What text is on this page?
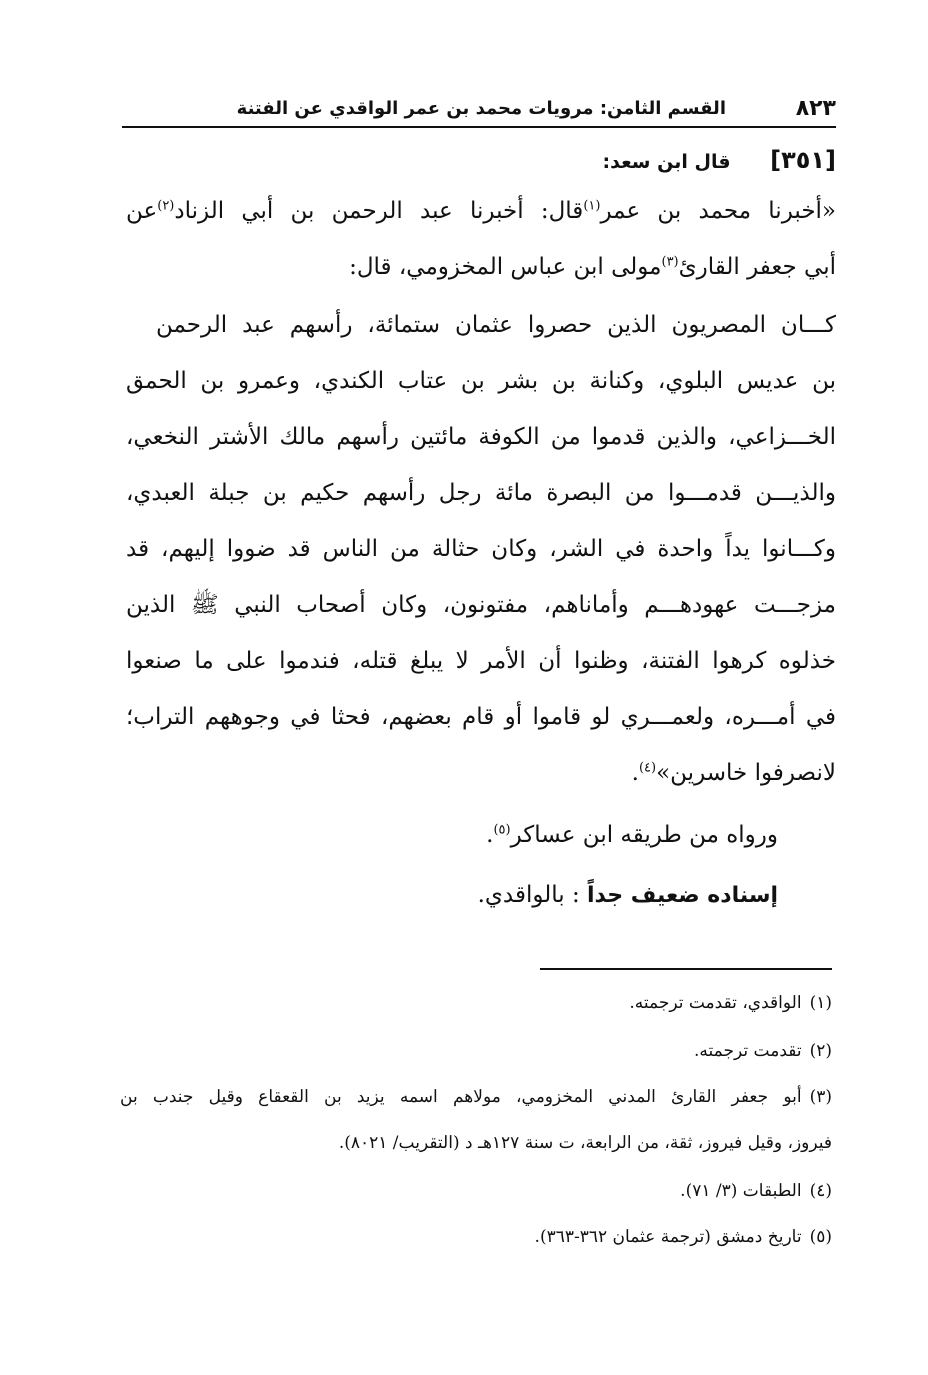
٨٢٣
القسم الثامن: مرويات محمد بن عمر الواقدي عن الفتنة
[٣٥١] قال ابن سعد:
«أخبرنا محمد بن عمر$^{(١)}$قال: أخبرنا عبد الرحمن بن أبي الزناد$^{(٢)}$عن
أبي جعفر القارئ$^{(٣)}$مولى ابن عباس المخزومي، قال:
كـــان المصريون الذين حصروا عثمان ستمائة، رأسهم عبد الرحمن
بن عديس البلوي، وكنانة بن بشر بن عتاب الكندي، وعمرو بن الحمق
الخـــزاعي، والذين قدموا من الكوفة مائتين رأسهم مالك الأشتر النخعي،
والذيـــن قدمـــوا من البصرة مائة رجل رأسهم حكيم بن جبلة العبدي،
وكـــانوا يداً واحدة في الشر، وكان حثالة من الناس قد ضووا إليهم، قد
مزجـــت عهودهـــم وأماناهم، مفتونون، وكان أصحاب النبي ﷺ الذين
خذلوه كرهوا الفتنة، وظنوا أن الأمر لا يبلغ قتله، فندموا على ما صنعوا
في أمـــره، ولعمـــري لو قاموا أو قام بعضهم، فحثا في وجوههم التراب؛
لانصرفوا خاسرين»$^{(٤)}$.
ورواه من طريقه ابن عساكر$^{(٥)}$.
إسناده ضعيف جداً : بالواقدي.
(١)الواقدي، تقدمت ترجمته.
(٢)تقدمت ترجمته.
(٣)أبو جعفر القارئ المدني المخزومي، مولاهم اسمه يزيد بن القعقاع وقيل جندب بن
فيروز، وقيل فيروز، ثقة، من الرابعة، ت سنة ١٢٧هـ د (التقريب/ ٨٠٢١).
(٤)الطبقات (٣/ ٧١).
(٥)تاريخ دمشق (ترجمة عثمان ٣٦٢-٣٦٣).
